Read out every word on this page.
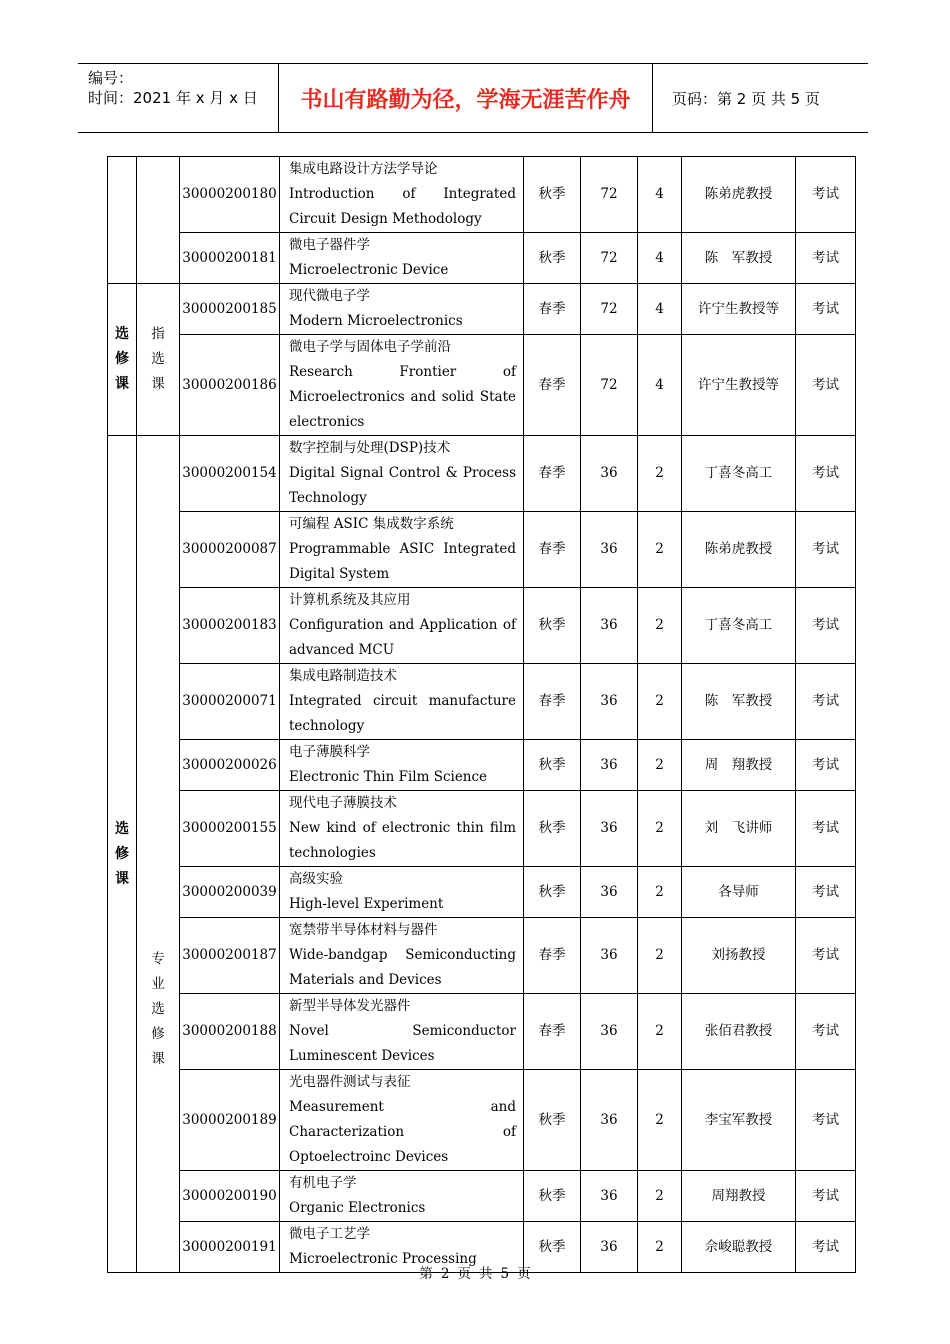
编号：
时间：2021 年 x 月 x 日	书山有路勤为径，学海无涯苦作舟	页码：第 2 页 共 5 页
		30000200180	集成电路设计方法学导论
Introduction of Integrated Circuit Design Methodology	秋季	72	4	陈弟虎教授	考试
		30000200181	微电子器件学
Microelectronic Device	秋季	72	4	陈　军教授	考试
选修课	指选课	30000200185	现代微电子学
Modern Microelectronics	春季	72	4	许宁生教授等	考试
		30000200186	微电子学与固体电子学前沿
Research Frontier of Microelectronics and solid State electronics	春季	72	4	许宁生教授等	考试
选修课	专业选修课	30000200154	数字控制与处理(DSP)技术
Digital Signal Control & Process Technology	春季	36	2	丁喜冬高工	考试
		30000200087	可编程 ASIC 集成数字系统
Programmable ASIC Integrated Digital System	春季	36	2	陈弟虎教授	考试
		30000200183	计算机系统及其应用
Configuration and Application of advanced MCU	秋季	36	2	丁喜冬高工	考试
		30000200071	集成电路制造技术
Integrated circuit manufacture technology	春季	36	2	陈　军教授	考试
		30000200026	电子薄膜科学
Electronic Thin Film Science	秋季	36	2	周　翔教授	考试
		30000200155	现代电子薄膜技术
New kind of electronic thin film technologies	秋季	36	2	刘　飞讲师	考试
		30000200039	高级实验
High-level Experiment	秋季	36	2	各导师	考试
		30000200187	宽禁带半导体材料与器件
Wide-bandgap Semiconducting Materials and Devices	春季	36	2	刘扬教授	考试
		30000200188	新型半导体发光器件
Novel Semiconductor Luminescent Devices	春季	36	2	张佰君教授	考试
		30000200189	光电器件测试与表征
Measurement and Characterization of Optoelectroinc Devices	秋季	36	2	李宝军教授	考试
		30000200190	有机电子学
Organic Electronics	秋季	36	2	周翔教授	考试
		30000200191	微电子工艺学
Microelectronic Processing	秋季	36	2	佘峻聪教授	考试
第 2 页 共 5 页
